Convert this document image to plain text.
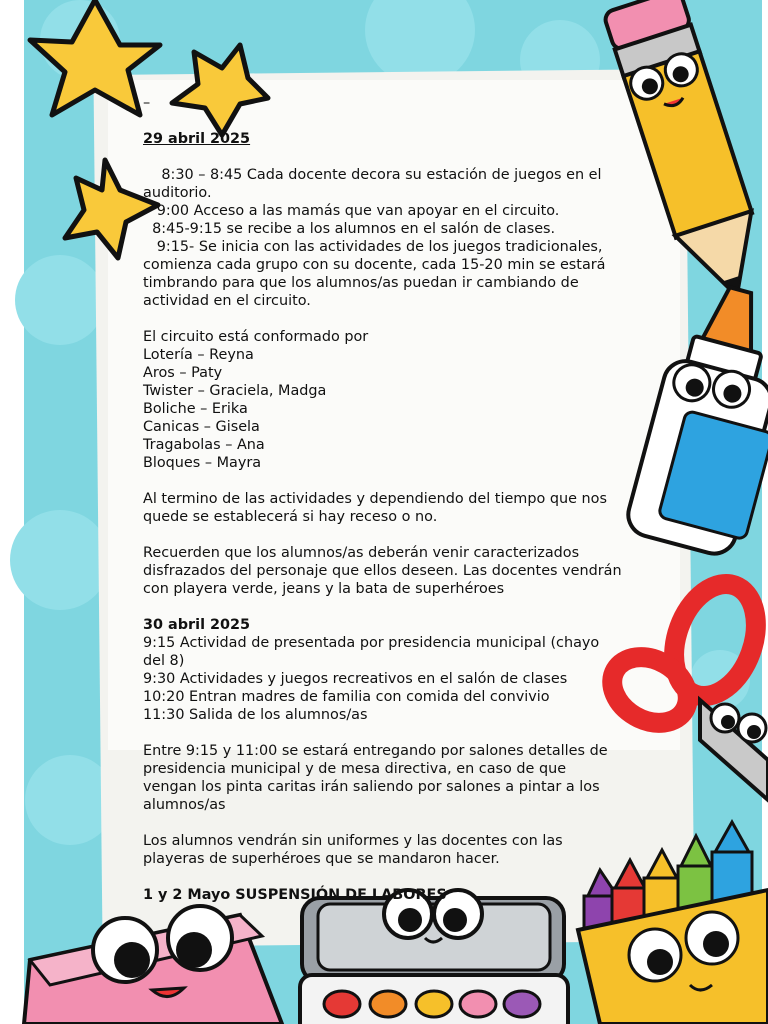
–
29 abril 2025
8:30 – 8:45 Cada docente decora su estación de juegos en el
auditorio.
9:00 Acceso a las mamás que van apoyar en el circuito.
8:45-9:15 se recibe a los alumnos en el salón de clases.
9:15- Se inicia con las actividades de los juegos tradicionales,
comienza cada grupo con su docente, cada 15-20 min se estará
timbrando para que los alumnos/as puedan ir cambiando de
actividad en el circuito.
El circuito está conformado por
Lotería – Reyna
Aros – Paty
Twister – Graciela, Madga
Boliche – Erika
Canicas – Gisela
Tragabolas – Ana
Bloques – Mayra
Al termino de las actividades y dependiendo del tiempo que nos
quede se establecerá si hay receso o no.
Recuerden que los alumnos/as deberán venir caracterizados
disfrazados del personaje que ellos deseen. Las docentes vendrán
con playera verde, jeans y la bata de superhéroes
30 abril 2025
9:15 Actividad de presentada por presidencia municipal (chayo
del 8)
9:30 Actividades y juegos recreativos en el salón de clases
10:20 Entran madres de familia con comida del convivio
11:30 Salida de los alumnos/as
Entre 9:15 y 11:00 se estará entregando por salones detalles de
presidencia municipal y de mesa directiva, en caso de que
vengan los pinta caritas irán saliendo por salones a pintar a los
alumnos/as
Los alumnos vendrán sin uniformes y las docentes con las
playeras de superhéroes que se mandaron hacer.
1 y 2 Mayo SUSPENSIÓN DE LABORES
